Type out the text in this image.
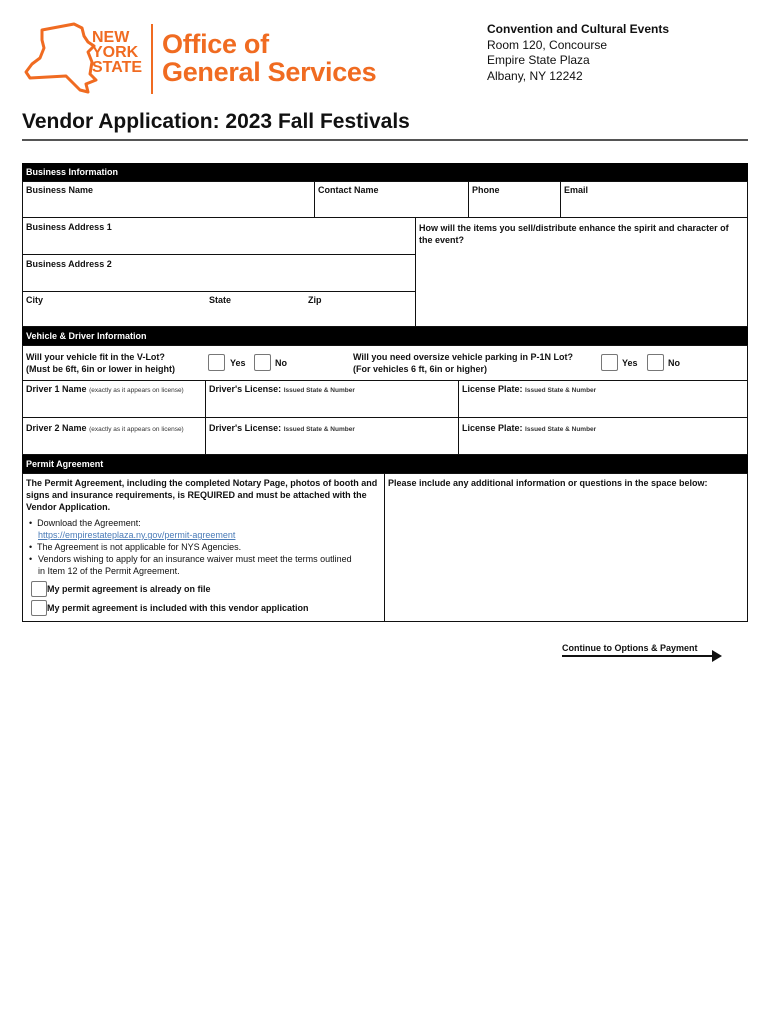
NEW
YORK
STATE
Office of
General Services
Convention and Cultural Events
Room 120, Concourse
Empire State Plaza
Albany, NY 12242
Vendor Application: 2023 Fall Festivals
Business Information
Business Name	Contact Name	Phone	Email
Business Address 1	How will the items you sell/distribute enhance the spirit and character of the event?
Business Address 2
City	State	Zip
Vehicle & Driver Information
Will your vehicle fit in the V-Lot?
(Must be 6ft, 6in or lower in height)
Yes	No
Will you need oversize vehicle parking in P-1N Lot?
(For vehicles 6 ft, 6in or higher)
Yes	No
Driver 1 Name (exactly as it appears on license)	Driver's License: Issued State & Number	License Plate: Issued State & Number
Driver 2 Name (exactly as it appears on license)	Driver's License: Issued State & Number	License Plate: Issued State & Number
Permit Agreement
The Permit Agreement, including the completed Notary Page, photos of booth and signs and insurance requirements, is REQUIRED and must be attached with the Vendor Application.
•  Download the Agreement:
https://empirestateplaza.ny.gov/permit-agreement
•  The Agreement is not applicable for NYS Agencies.
• Vendors wishing to apply for an insurance waiver must meet the terms outlined in Item 12 of the Permit Agreement.
My permit agreement is already on file
My permit agreement is included with this vendor application
Please include any additional information or questions in the space below:
Continue to Options & Payment
